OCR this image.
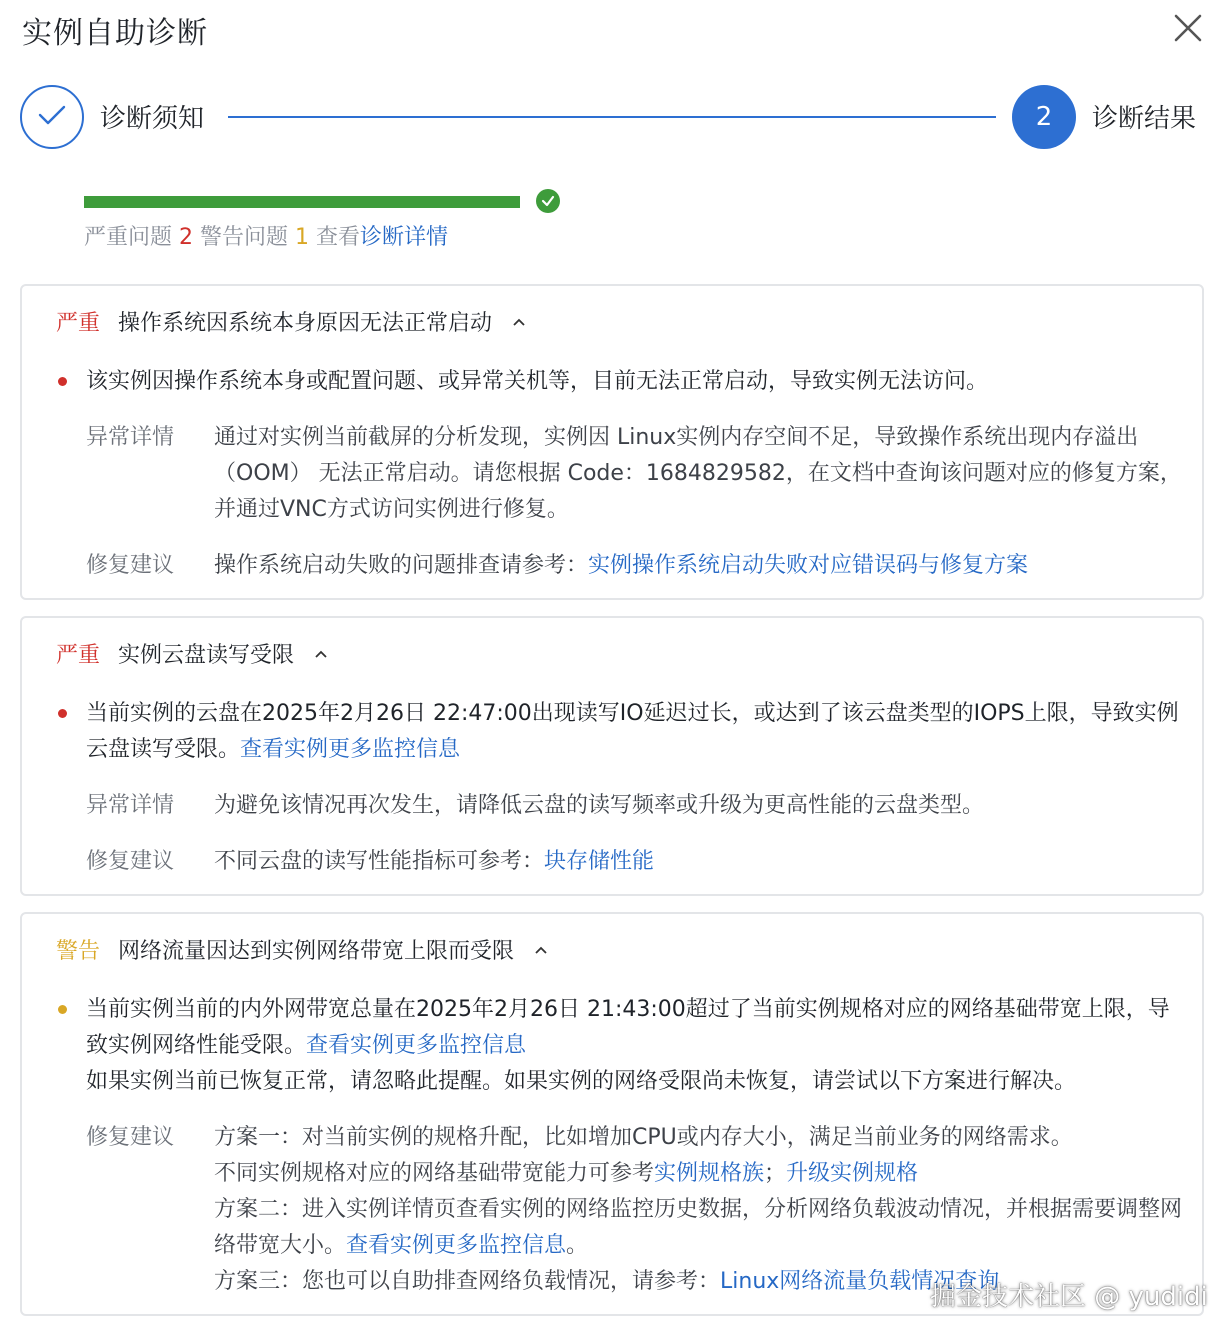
实例自助诊断
诊断须知	2 诊断结果
严重问题 2 警告问题 1 查看诊断详情
严重 操作系统因系统本身原因无法正常启动
该实例因操作系统本身或配置问题、或异常关机等，目前无法正常启动，导致实例无法访问。
异常详情 通过对实例当前截屏的分析发现，实例因 Linux实例内存空间不足，导致操作系统出现内存溢出（OOM） 无法正常启动。请您根据 Code：1684829582，在文档中查询该问题对应的修复方案，并通过VNC方式访问实例进行修复。
修复建议 操作系统启动失败的问题排查请参考：实例操作系统启动失败对应错误码与修复方案
严重 实例云盘读写受限
当前实例的云盘在2025年2月26日 22:47:00出现读写IO延迟过长，或达到了该云盘类型的IOPS上限，导致实例云盘读写受限。查看实例更多监控信息
异常详情 为避免该情况再次发生，请降低云盘的读写频率或升级为更高性能的云盘类型。
修复建议 不同云盘的读写性能指标可参考：块存储性能
警告 网络流量因达到实例网络带宽上限而受限
当前实例当前的内外网带宽总量在2025年2月26日 21:43:00超过了当前实例规格对应的网络基础带宽上限，导致实例网络性能受限。查看实例更多监控信息
如果实例当前已恢复正常，请忽略此提醒。如果实例的网络受限尚未恢复，请尝试以下方案进行解决。
修复建议 方案一：对当前实例的规格升配，比如增加CPU或内存大小，满足当前业务的网络需求。
不同实例规格对应的网络基础带宽能力可参考实例规格族；升级实例规格
方案二：进入实例详情页查看实例的网络监控历史数据，分析网络负载波动情况，并根据需要调整网络带宽大小。查看实例更多监控信息。
方案三：您也可以自助排查网络负载情况，请参考：Linux网络流量负载情况查询
掘金技术社区 @ yudidi
